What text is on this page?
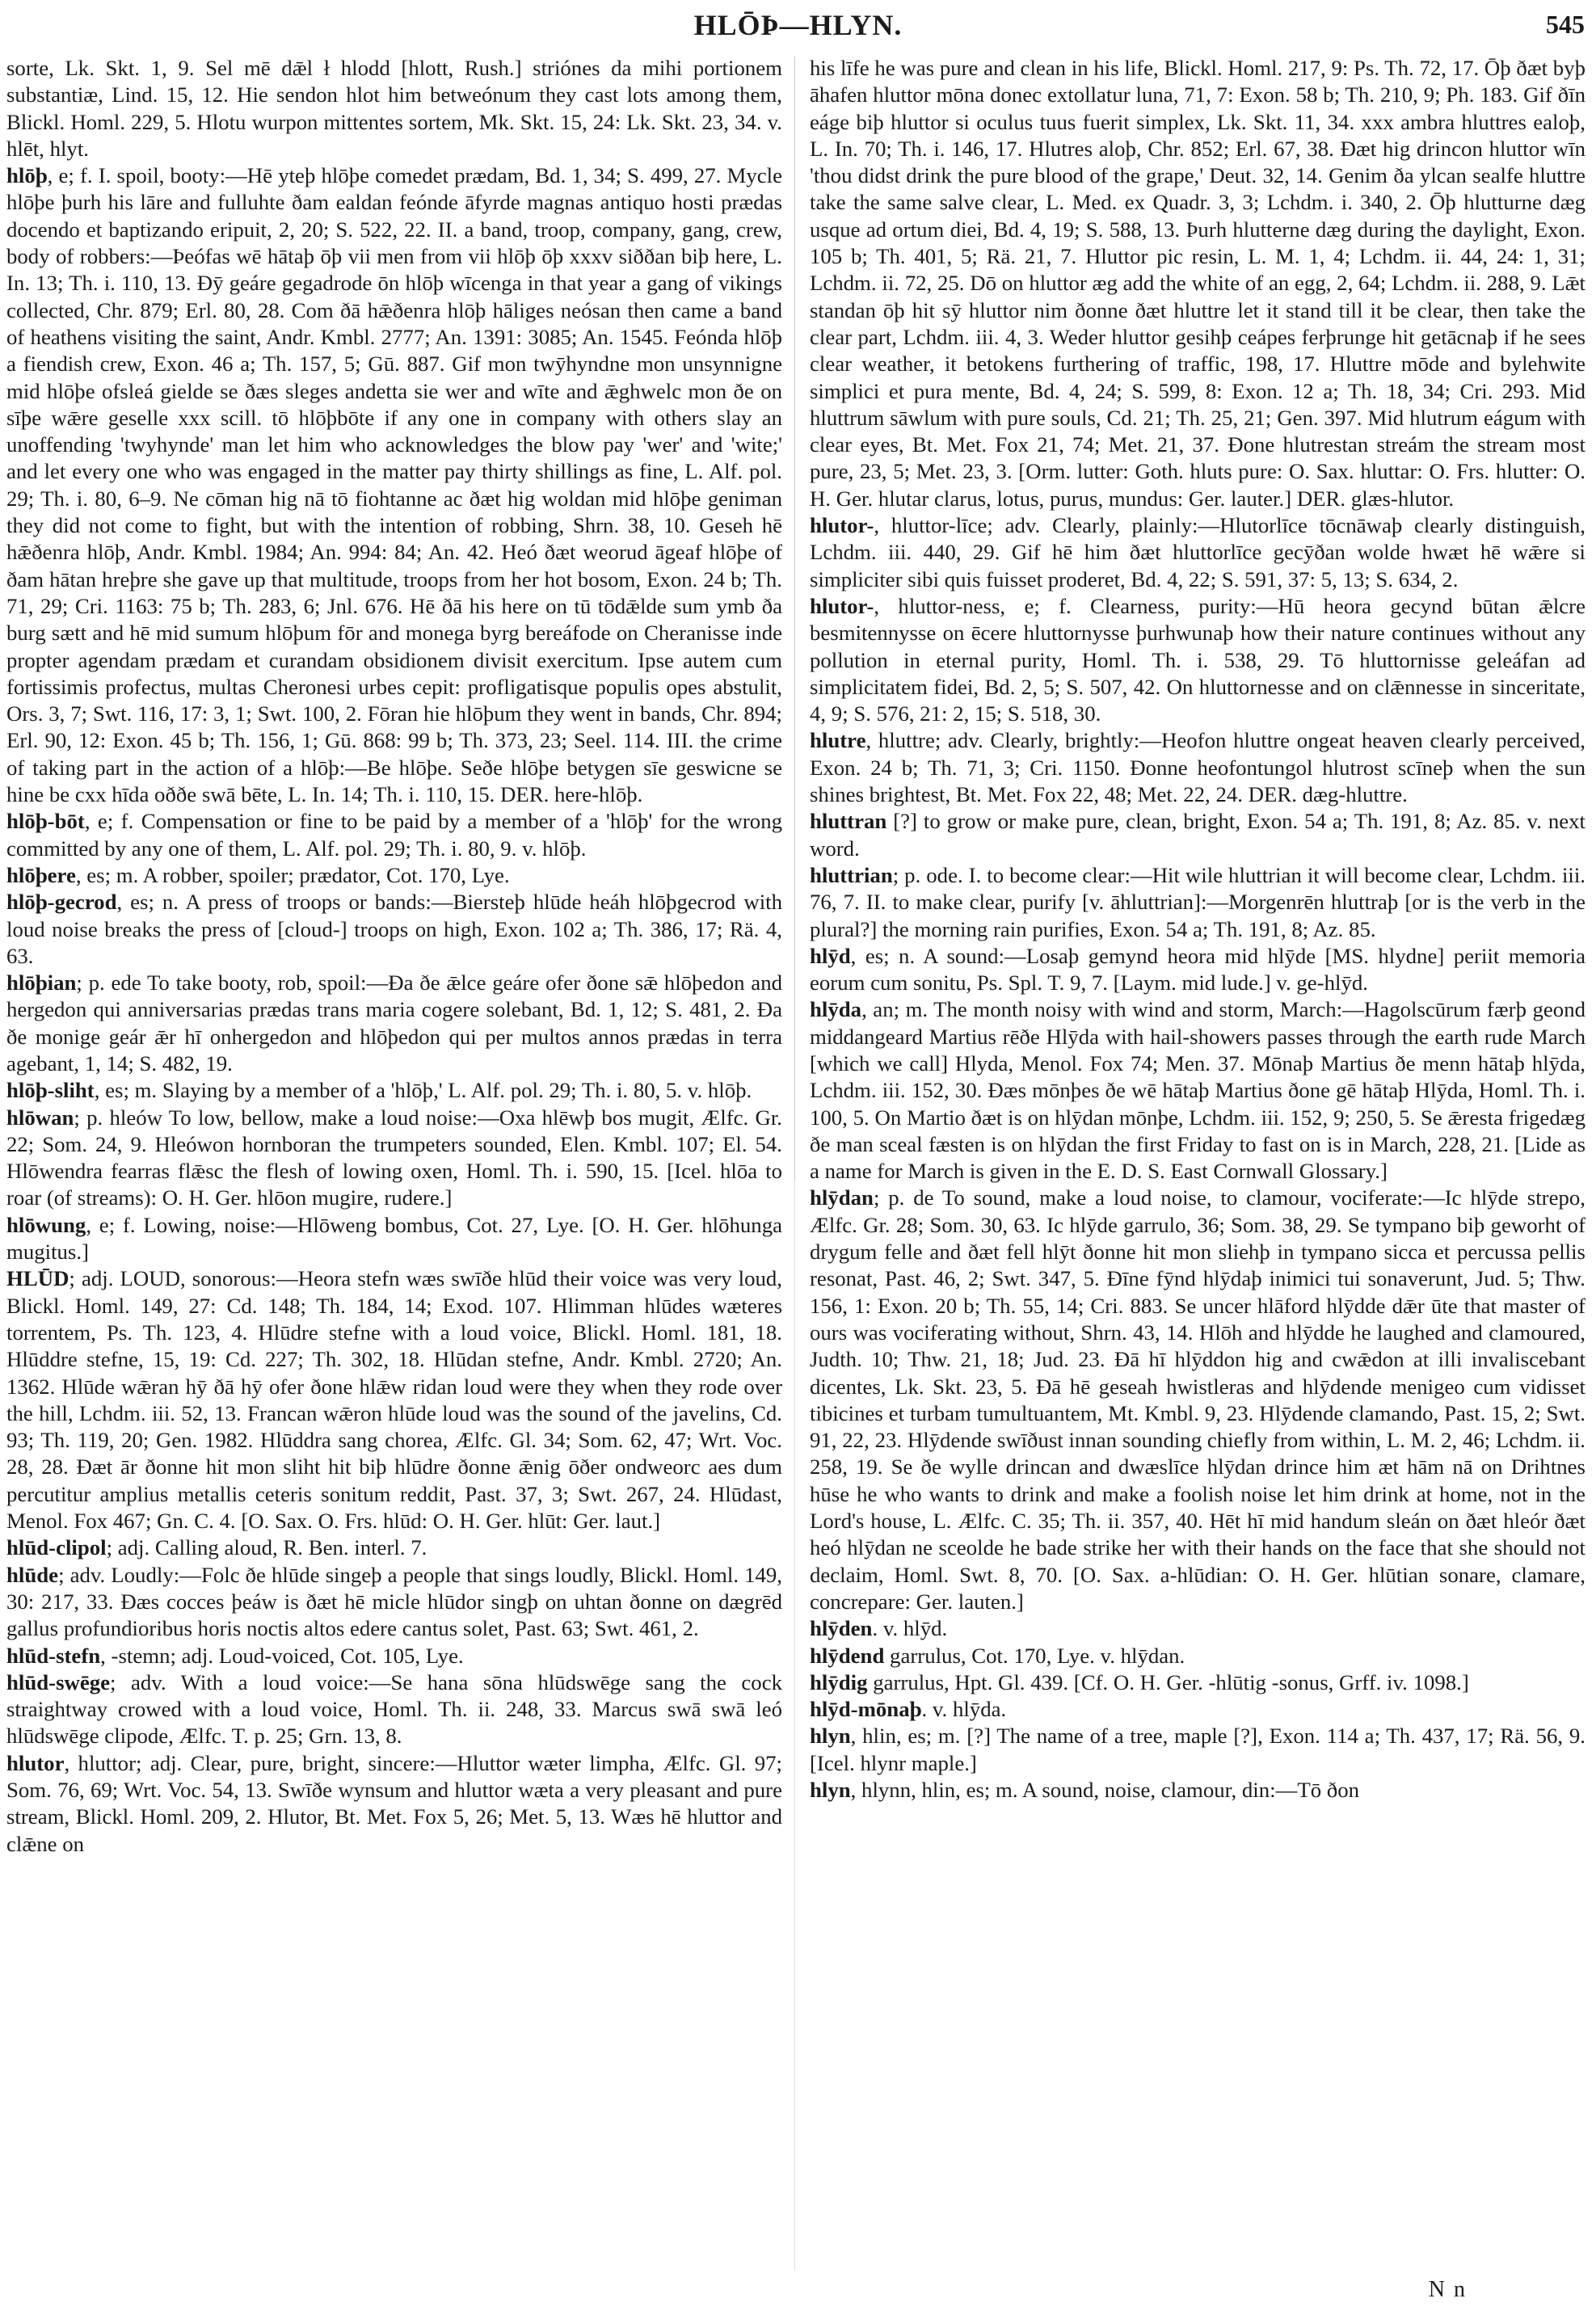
HLŌÞ—HLYN.	545

sorte, Lk. Skt. 1, 9. Sel mē dǣl ł hlodd [hlott, Rush.] striónes da mihi portionem substantiæ, Lind. 15, 12. Hie sendon hlot him betweónum they cast lots among them, Blickl. Homl. 229, 5. Hlotu wurpon mittentes sortem, Mk. Skt. 15, 24: Lk. Skt. 23, 34. v. hlēt, hlyt.

hlōþ, e; f. I. spoil, booty:—Hē yteþ hlōþe comedet prædam, Bd. 1, 34; S. 499, 27. Mycle hlōþe þurh his lāre and fulluhte ðam ealdan feónde āfyrde magnas antiquo hosti prædas docendo et baptizando eripuit, 2, 20; S. 522, 22. II. a band, troop, company, gang, crew, body of robbers:—Þeófas wē hātaþ ōþ vii men from vii hlōþ ōþ xxxv siððan biþ here, L. In. 13; Th. i. 110, 13. Ðȳ geáre gegadrode ōn hlōþ wīcenga in that year a gang of vikings collected, Chr. 879; Erl. 80, 28. Com ðā hǣðenra hlōþ hāliges neósan then came a band of heathens visiting the saint, Andr. Kmbl. 2777; An. 1391: 3085; An. 1545. Feónda hlōþ a fiendish crew, Exon. 46 a; Th. 157, 5; Gū. 887. Gif mon twȳhyndne mon unsynnigne mid hlōþe ofsleá gielde se ðæs sleges andetta sie wer and wīte and ǣghwelc mon ðe on sīþe wǣre geselle xxx scill. tō hlōþbōte if any one in company with others slay an unoffending 'twyhynde' man let him who acknowledges the blow pay 'wer' and 'wite;' and let every one who was engaged in the matter pay thirty shillings as fine, L. Alf. pol. 29; Th. i. 80, 6–9. Ne cōman hig nā tō fiohtanne ac ðæt hig woldan mid hlōþe geniman they did not come to fight, but with the intention of robbing, Shrn. 38, 10. Geseh hē hǣðenra hlōþ, Andr. Kmbl. 1984; An. 994: 84; An. 42. Heó ðæt weorud āgeaf hlōþe of ðam hātan hreþre she gave up that multitude, troops from her hot bosom, Exon. 24 b; Th. 71, 29; Cri. 1163: 75 b; Th. 283, 6; Jnl. 676. Hē ðā his here on tū tōdǣlde sum ymb ða burg sætt and hē mid sumum hlōþum fōr and monega byrg bereáfode on Cheranisse inde propter agendam prædam et curandam obsidionem divisit exercitum. Ipse autem cum fortissimis profectus, multas Cheronesi urbes cepit: profligatisque populis opes abstulit, Ors. 3, 7; Swt. 116, 17: 3, 1; Swt. 100, 2. Fōran hie hlōþum they went in bands, Chr. 894; Erl. 90, 12: Exon. 45 b; Th. 156, 1; Gū. 868: 99 b; Th. 373, 23; Seel. 114. III. the crime of taking part in the action of a hlōþ:—Be hlōþe. Seðe hlōþe betygen sīe geswicne se hine be cxx hīda oððe swā bēte, L. In. 14; Th. i. 110, 15. DER. here-hlōþ.

hlōþ-bōt, e; f. Compensation or fine to be paid by a member of a 'hlōþ' for the wrong committed by any one of them, L. Alf. pol. 29; Th. i. 80, 9. v. hlōþ.

hlōþere, es; m. A robber, spoiler; prædator, Cot. 170, Lye.

hlōþ-gecrod, es; n. A press of troops or bands:—Biersteþ hlūde heáh hlōþgecrod with loud noise breaks the press of [cloud-] troops on high, Exon. 102 a; Th. 386, 17; Rä. 4, 63.

hlōþian; p. ede To take booty, rob, spoil:—Ða ðe ǣlce geáre ofer ðone sǣ hlōþedon and hergedon qui anniversarias prædas trans maria cogere solebant, Bd. 1, 12; S. 481, 2. Ða ðe monige geár ǣr hī onhergedon and hlōþedon qui per multos annos prædas in terra agebant, 1, 14; S. 482, 19.

hlōþ-sliht, es; m. Slaying by a member of a 'hlōþ,' L. Alf. pol. 29; Th. i. 80, 5. v. hlōþ.

hlōwan; p. hleów To low, bellow, make a loud noise:—Oxa hlēwþ bos mugit, Ælfc. Gr. 22; Som. 24, 9. Hleówon hornboran the trumpeters sounded, Elen. Kmbl. 107; El. 54. Hlōwendra fearras flǣsc the flesh of lowing oxen, Homl. Th. i. 590, 15. [Icel. hlōa to roar (of streams): O. H. Ger. hlōon mugire, rudere.]

hlōwung, e; f. Lowing, noise:—Hlōweng bombus, Cot. 27, Lye. [O. H. Ger. hlōhunga mugitus.]

HLŪD; adj. LOUD, sonorous:—Heora stefn wæs swīðe hlūd their voice was very loud, Blickl. Homl. 149, 27: Cd. 148; Th. 184, 14; Exod. 107. Hlimman hlūdes wæteres torrentem, Ps. Th. 123, 4. Hlūdre stefne with a loud voice, Blickl. Homl. 181, 18. Hlūddre stefne, 15, 19: Cd. 227; Th. 302, 18. Hlūdan stefne, Andr. Kmbl. 2720; An. 1362. Hlūde wǣran hȳ ðā hȳ ofer ðone hlǣw ridan loud were they when they rode over the hill, Lchdm. iii. 52, 13. Francan wǣron hlūde loud was the sound of the javelins, Cd. 93; Th. 119, 20; Gen. 1982. Hlūddra sang chorea, Ælfc. Gl. 34; Som. 62, 47; Wrt. Voc. 28, 28. Ðæt ār ðonne hit mon sliht hit biþ hlūdre ðonne ǣnig ōðer ondweorc aes dum percutitur amplius metallis ceteris sonitum reddit, Past. 37, 3; Swt. 267, 24. Hlūdast, Menol. Fox 467; Gn. C. 4. [O. Sax. O. Frs. hlūd: O. H. Ger. hlūt: Ger. laut.]

hlūd-clipol; adj. Calling aloud, R. Ben. interl. 7.

hlūde; adv. Loudly:—Folc ðe hlūde singeþ a people that sings loudly, Blickl. Homl. 149, 30: 217, 33. Ðæs cocces þeáw is ðæt hē micle hlūdor singþ on uhtan ðonne on dægrēd gallus profundioribus horis noctis altos edere cantus solet, Past. 63; Swt. 461, 2.

hlūd-stefn, -stemn; adj. Loud-voiced, Cot. 105, Lye.

hlūd-swēge; adv. With a loud voice:—Se hana sōna hlūdswēge sang the cock straightway crowed with a loud voice, Homl. Th. ii. 248, 33. Marcus swā swā leó hlūdswēge clipode, Ælfc. T. p. 25; Grn. 13, 8.

hlutor, hluttor; adj. Clear, pure, bright, sincere:—Hluttor wæter limpha, Ælfc. Gl. 97; Som. 76, 69; Wrt. Voc. 54, 13. Swīðe wynsum and hluttor wæta a very pleasant and pure stream, Blickl. Homl. 209, 2. Hlutor, Bt. Met. Fox 5, 26; Met. 5, 13. Wæs hē hluttor and clǣne on

his līfe he was pure and clean in his life, Blickl. Homl. 217, 9: Ps. Th. 72, 17. Ōþ ðæt byþ āhafen hluttor mōna donec extollatur luna, 71, 7: Exon. 58 b; Th. 210, 9; Ph. 183. Gif ðīn eáge biþ hluttor si oculus tuus fuerit simplex, Lk. Skt. 11, 34. xxx ambra hluttres ealoþ, L. In. 70; Th. i. 146, 17. Hlutres aloþ, Chr. 852; Erl. 67, 38. Ðæt hig drincon hluttor wīn 'thou didst drink the pure blood of the grape,' Deut. 32, 14. Genim ða ylcan sealfe hluttre take the same salve clear, L. Med. ex Quadr. 3, 3; Lchdm. i. 340, 2. Ōþ hlutturne dæg usque ad ortum diei, Bd. 4, 19; S. 588, 13. Þurh hlutterne dæg during the daylight, Exon. 105 b; Th. 401, 5; Rä. 21, 7. Hluttor pic resin, L. M. 1, 4; Lchdm. ii. 44, 24: 1, 31; Lchdm. ii. 72, 25. Dō on hluttor æg add the white of an egg, 2, 64; Lchdm. ii. 288, 9. Lǣt standan ōþ hit sȳ hluttor nim ðonne ðæt hluttre let it stand till it be clear, then take the clear part, Lchdm. iii. 4, 3. Weder hluttor gesihþ ceápes ferþrunge hit getācnaþ if he sees clear weather, it betokens furthering of traffic, 198, 17. Hluttre mōde and bylehwite simplici et pura mente, Bd. 4, 24; S. 599, 8: Exon. 12 a; Th. 18, 34; Cri. 293. Mid hluttrum sāwlum with pure souls, Cd. 21; Th. 25, 21; Gen. 397. Mid hlutrum eágum with clear eyes, Bt. Met. Fox 21, 74; Met. 21, 37. Ðone hlutrestan streám the stream most pure, 23, 5; Met. 23, 3. [Orm. lutter: Goth. hluts pure: O. Sax. hluttar: O. Frs. hlutter: O. H. Ger. hlutar clarus, lotus, purus, mundus: Ger. lauter.] DER. glæs-hlutor.

hlutor-, hluttor-līce; adv. Clearly, plainly:—Hlutorlīce tōcnāwaþ clearly distinguish, Lchdm. iii. 440, 29. Gif hē him ðæt hluttorlīce gecȳðan wolde hwæt hē wǣre si simpliciter sibi quis fuisset proderet, Bd. 4, 22; S. 591, 37: 5, 13; S. 634, 2.

hlutor-, hluttor-ness, e; f. Clearness, purity:—Hū heora gecynd būtan ǣlcre besmitennysse on ēcere hluttornysse þurhwunaþ how their nature continues without any pollution in eternal purity, Homl. Th. i. 538, 29. Tō hluttornisse geleáfan ad simplicitatem fidei, Bd. 2, 5; S. 507, 42. On hluttornesse and on clǣnnesse in sinceritate, 4, 9; S. 576, 21: 2, 15; S. 518, 30.

hlutre, hluttre; adv. Clearly, brightly:—Heofon hluttre ongeat heaven clearly perceived, Exon. 24 b; Th. 71, 3; Cri. 1150. Ðonne heofontungol hlutrost scīneþ when the sun shines brightest, Bt. Met. Fox 22, 48; Met. 22, 24. DER. dæg-hluttre.

hluttran [?] to grow or make pure, clean, bright, Exon. 54 a; Th. 191, 8; Az. 85. v. next word.

hluttrian; p. ode. I. to become clear:—Hit wile hluttrian it will become clear, Lchdm. iii. 76, 7. II. to make clear, purify [v. āhluttrian]:—Morgenrēn hluttraþ [or is the verb in the plural?] the morning rain purifies, Exon. 54 a; Th. 191, 8; Az. 85.

hlȳd, es; n. A sound:—Losaþ gemynd heora mid hlȳde [MS. hlydne] periit memoria eorum cum sonitu, Ps. Spl. T. 9, 7. [Laym. mid lude.] v. ge-hlȳd.

hlȳda, an; m. The month noisy with wind and storm, March:—Hagolscūrum færþ geond middangeard Martius rēðe Hlȳda with hail-showers passes through the earth rude March [which we call] Hlyda, Menol. Fox 74; Men. 37. Mōnaþ Martius ðe menn hātaþ hlȳda, Lchdm. iii. 152, 30. Ðæs mōnþes ðe wē hātaþ Martius ðone gē hātaþ Hlȳda, Homl. Th. i. 100, 5. On Martio ðæt is on hlȳdan mōnþe, Lchdm. iii. 152, 9; 250, 5. Se ǣresta frigedæg ðe man sceal fæsten is on hlȳdan the first Friday to fast on is in March, 228, 21. [Lide as a name for March is given in the E. D. S. East Cornwall Glossary.]

hlȳdan; p. de To sound, make a loud noise, to clamour, vociferate:—Ic hlȳde strepo, Ælfc. Gr. 28; Som. 30, 63. Ic hlȳde garrulo, 36; Som. 38, 29. Se tympano biþ geworht of drygum felle and ðæt fell hlȳt ðonne hit mon sliehþ in tympano sicca et percussa pellis resonat, Past. 46, 2; Swt. 347, 5. Ðīne fȳnd hlȳdaþ inimici tui sonaverunt, Jud. 5; Thw. 156, 1: Exon. 20 b; Th. 55, 14; Cri. 883. Se uncer hlāford hlȳdde dǣr ūte that master of ours was vociferating without, Shrn. 43, 14. Hlōh and hlȳdde he laughed and clamoured, Judth. 10; Thw. 21, 18; Jud. 23. Ðā hī hlȳddon hig and cwǣdon at illi invaliscebant dicentes, Lk. Skt. 23, 5. Ðā hē geseah hwistleras and hlȳdende menigeo cum vidisset tibicines et turbam tumultuantem, Mt. Kmbl. 9, 23. Hlȳdende clamando, Past. 15, 2; Swt. 91, 22, 23. Hlȳdende swīðust innan sounding chiefly from within, L. M. 2, 46; Lchdm. ii. 258, 19. Se ðe wylle drincan and dwæslīce hlȳdan drince him æt hām nā on Drihtnes hūse he who wants to drink and make a foolish noise let him drink at home, not in the Lord's house, L. Ælfc. C. 35; Th. ii. 357, 40. Hēt hī mid handum sleán on ðæt hleór ðæt heó hlȳdan ne sceolde he bade strike her with their hands on the face that she should not declaim, Homl. Swt. 8, 70. [O. Sax. a-hlūdian: O. H. Ger. hlūtian sonare, clamare, concrepare: Ger. lauten.]

hlȳden. v. hlȳd.

hlȳdend garrulus, Cot. 170, Lye. v. hlȳdan.

hlȳdig garrulus, Hpt. Gl. 439. [Cf. O. H. Ger. -hlūtig -sonus, Grff. iv. 1098.]

hlȳd-mōnaþ. v. hlȳda.

hlyn, hlin, es; m. [?] The name of a tree, maple [?], Exon. 114 a; Th. 437, 17; Rä. 56, 9. [Icel. hlynr maple.]

hlyn, hlynn, hlin, es; m. A sound, noise, clamour, din:—Tō ðon

N n
